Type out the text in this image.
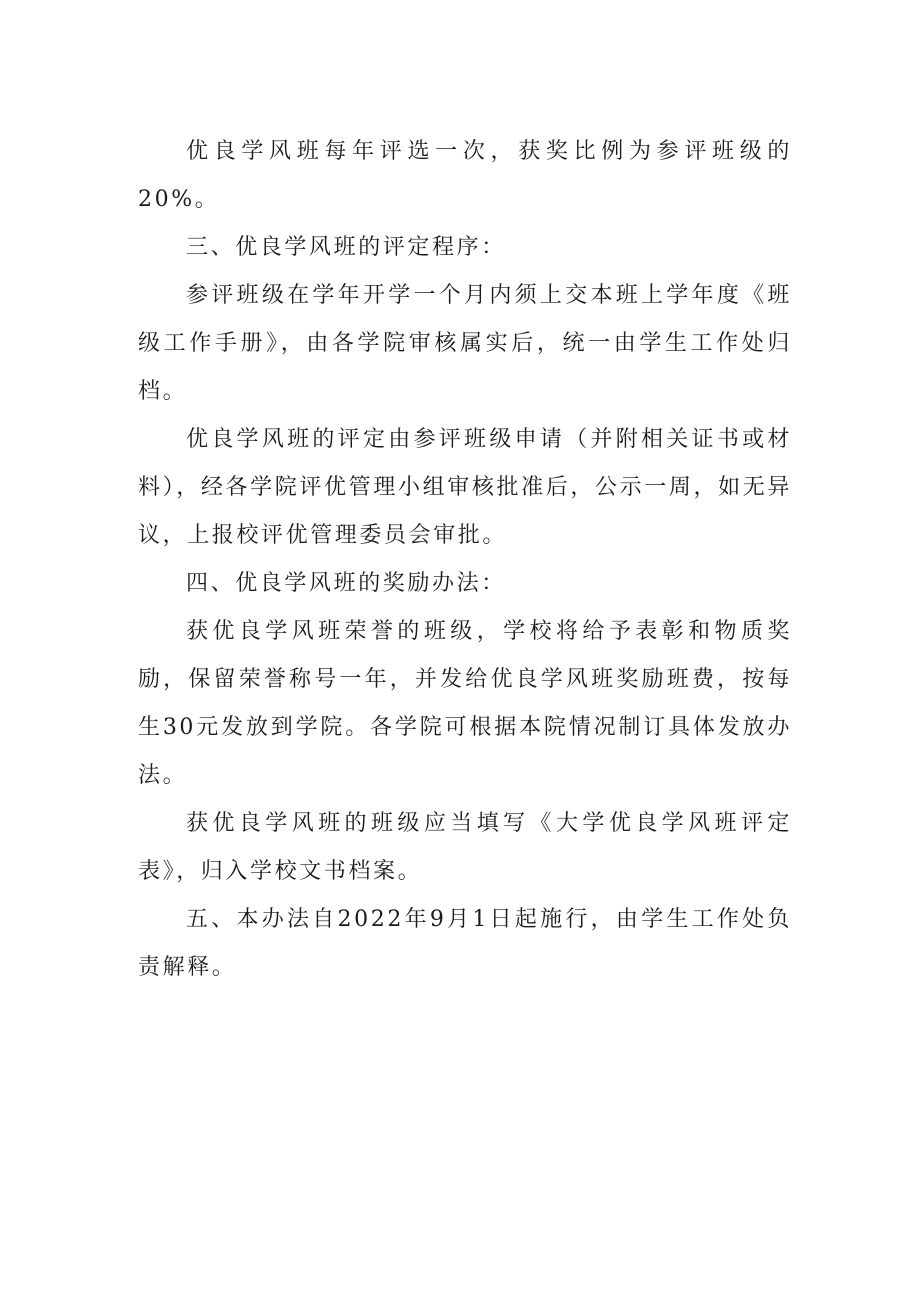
优良学风班每年评选一次，获奖比例为参评班级的20%。

三、优良学风班的评定程序：

参评班级在学年开学一个月内须上交本班上学年度《班级工作手册》，由各学院审核属实后，统一由学生工作处归档。

优良学风班的评定由参评班级申请（并附相关证书或材料），经各学院评优管理小组审核批准后，公示一周，如无异议，上报校评优管理委员会审批。

四、优良学风班的奖励办法：

获优良学风班荣誉的班级，学校将给予表彰和物质奖励，保留荣誉称号一年，并发给优良学风班奖励班费，按每生30元发放到学院。各学院可根据本院情况制订具体发放办法。

获优良学风班的班级应当填写《大学优良学风班评定表》，归入学校文书档案。

五、本办法自2022年9月1日起施行，由学生工作处负责解释。
